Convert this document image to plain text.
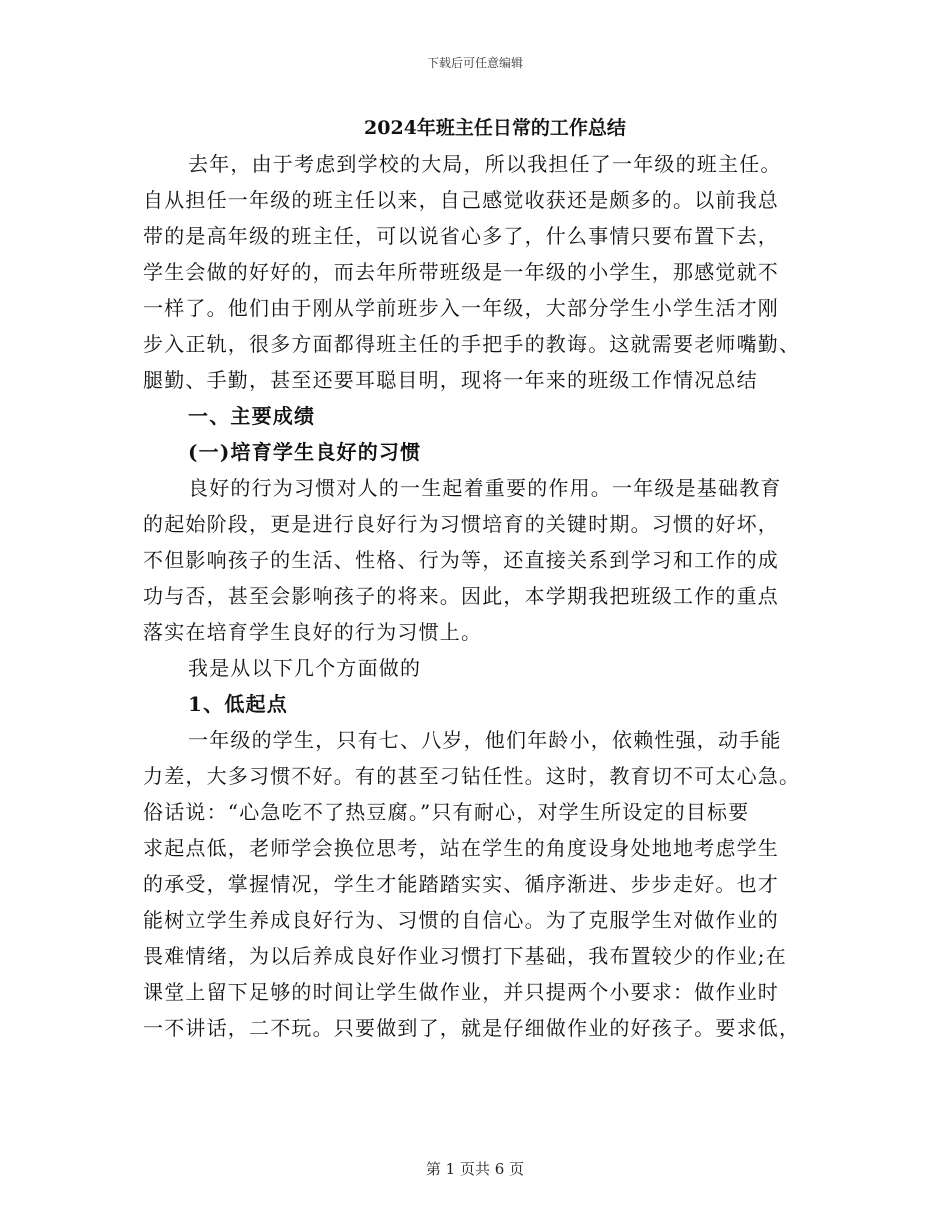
下载后可任意编辑
2024年班主任日常的工作总结
去年，由于考虑到学校的大局，所以我担任了一年级的班主任。
自从担任一年级的班主任以来，自己感觉收获还是颇多的。以前我总
带的是高年级的班主任，可以说省心多了，什么事情只要布置下去，
学生会做的好好的，而去年所带班级是一年级的小学生，那感觉就不
一样了。他们由于刚从学前班步入一年级，大部分学生小学生活才刚
步入正轨，很多方面都得班主任的手把手的教诲。这就需要老师嘴勤、
腿勤、手勤，甚至还要耳聪目明，现将一年来的班级工作情况总结
一、主要成绩
(一)培育学生良好的习惯
良好的行为习惯对人的一生起着重要的作用。一年级是基础教育
的起始阶段，更是进行良好行为习惯培育的关键时期。习惯的好坏，
不但影响孩子的生活、性格、行为等，还直接关系到学习和工作的成
功与否，甚至会影响孩子的将来。因此，本学期我把班级工作的重点
落实在培育学生良好的行为习惯上。
我是从以下几个方面做的
1、低起点
一年级的学生，只有七、八岁，他们年龄小，依赖性强，动手能
力差，大多习惯不好。有的甚至刁钻任性。这时，教育切不可太心急。
俗话说：“心急吃不了热豆腐。”只有耐心，对学生所设定的目标要
求起点低，老师学会换位思考，站在学生的角度设身处地地考虑学生
的承受，掌握情况，学生才能踏踏实实、循序渐进、步步走好。也才
能树立学生养成良好行为、习惯的自信心。为了克服学生对做作业的
畏难情绪，为以后养成良好作业习惯打下基础，我布置较少的作业;在
课堂上留下足够的时间让学生做作业，并只提两个小要求：做作业时
一不讲话，二不玩。只要做到了，就是仔细做作业的好孩子。要求低，
第 1 页共 6 页
